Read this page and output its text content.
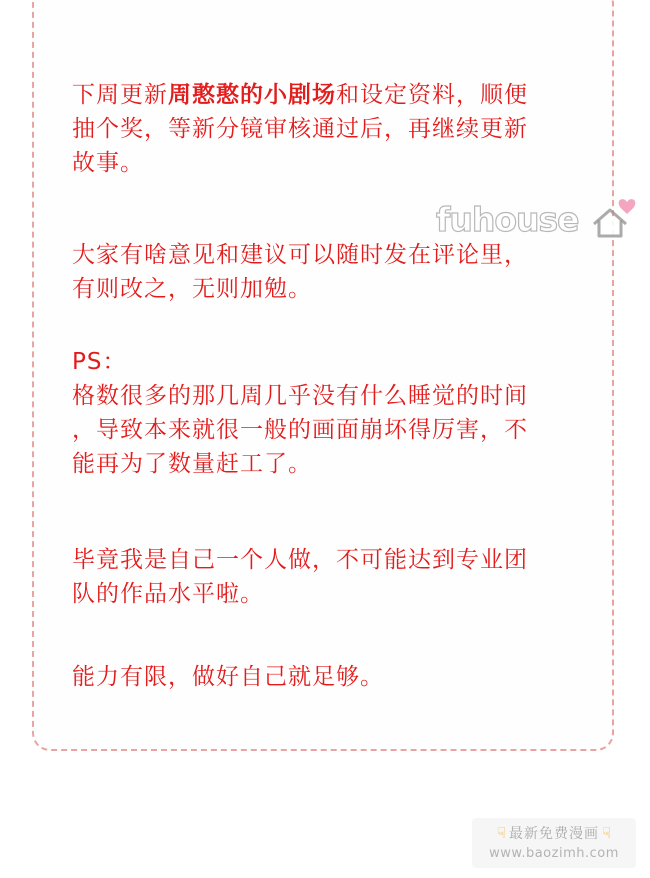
下周更新周憨憨的小剧场和设定资料，顺便
抽个奖，等新分镜审核通过后，再继续更新
故事。

大家有啥意见和建议可以随时发在评论里，
有则改之，无则加勉。

PS：

格数很多的那几周几乎没有什么睡觉的时间
，导致本来就很一般的画面崩坏得厉害，不
能再为了数量赶工了。

毕竟我是自己一个人做，不可能达到专业团
队的作品水平啦。

能力有限，做好自己就足够。

fuhouse
☟ 最新免费漫画 ☟
www.baozimh.com
